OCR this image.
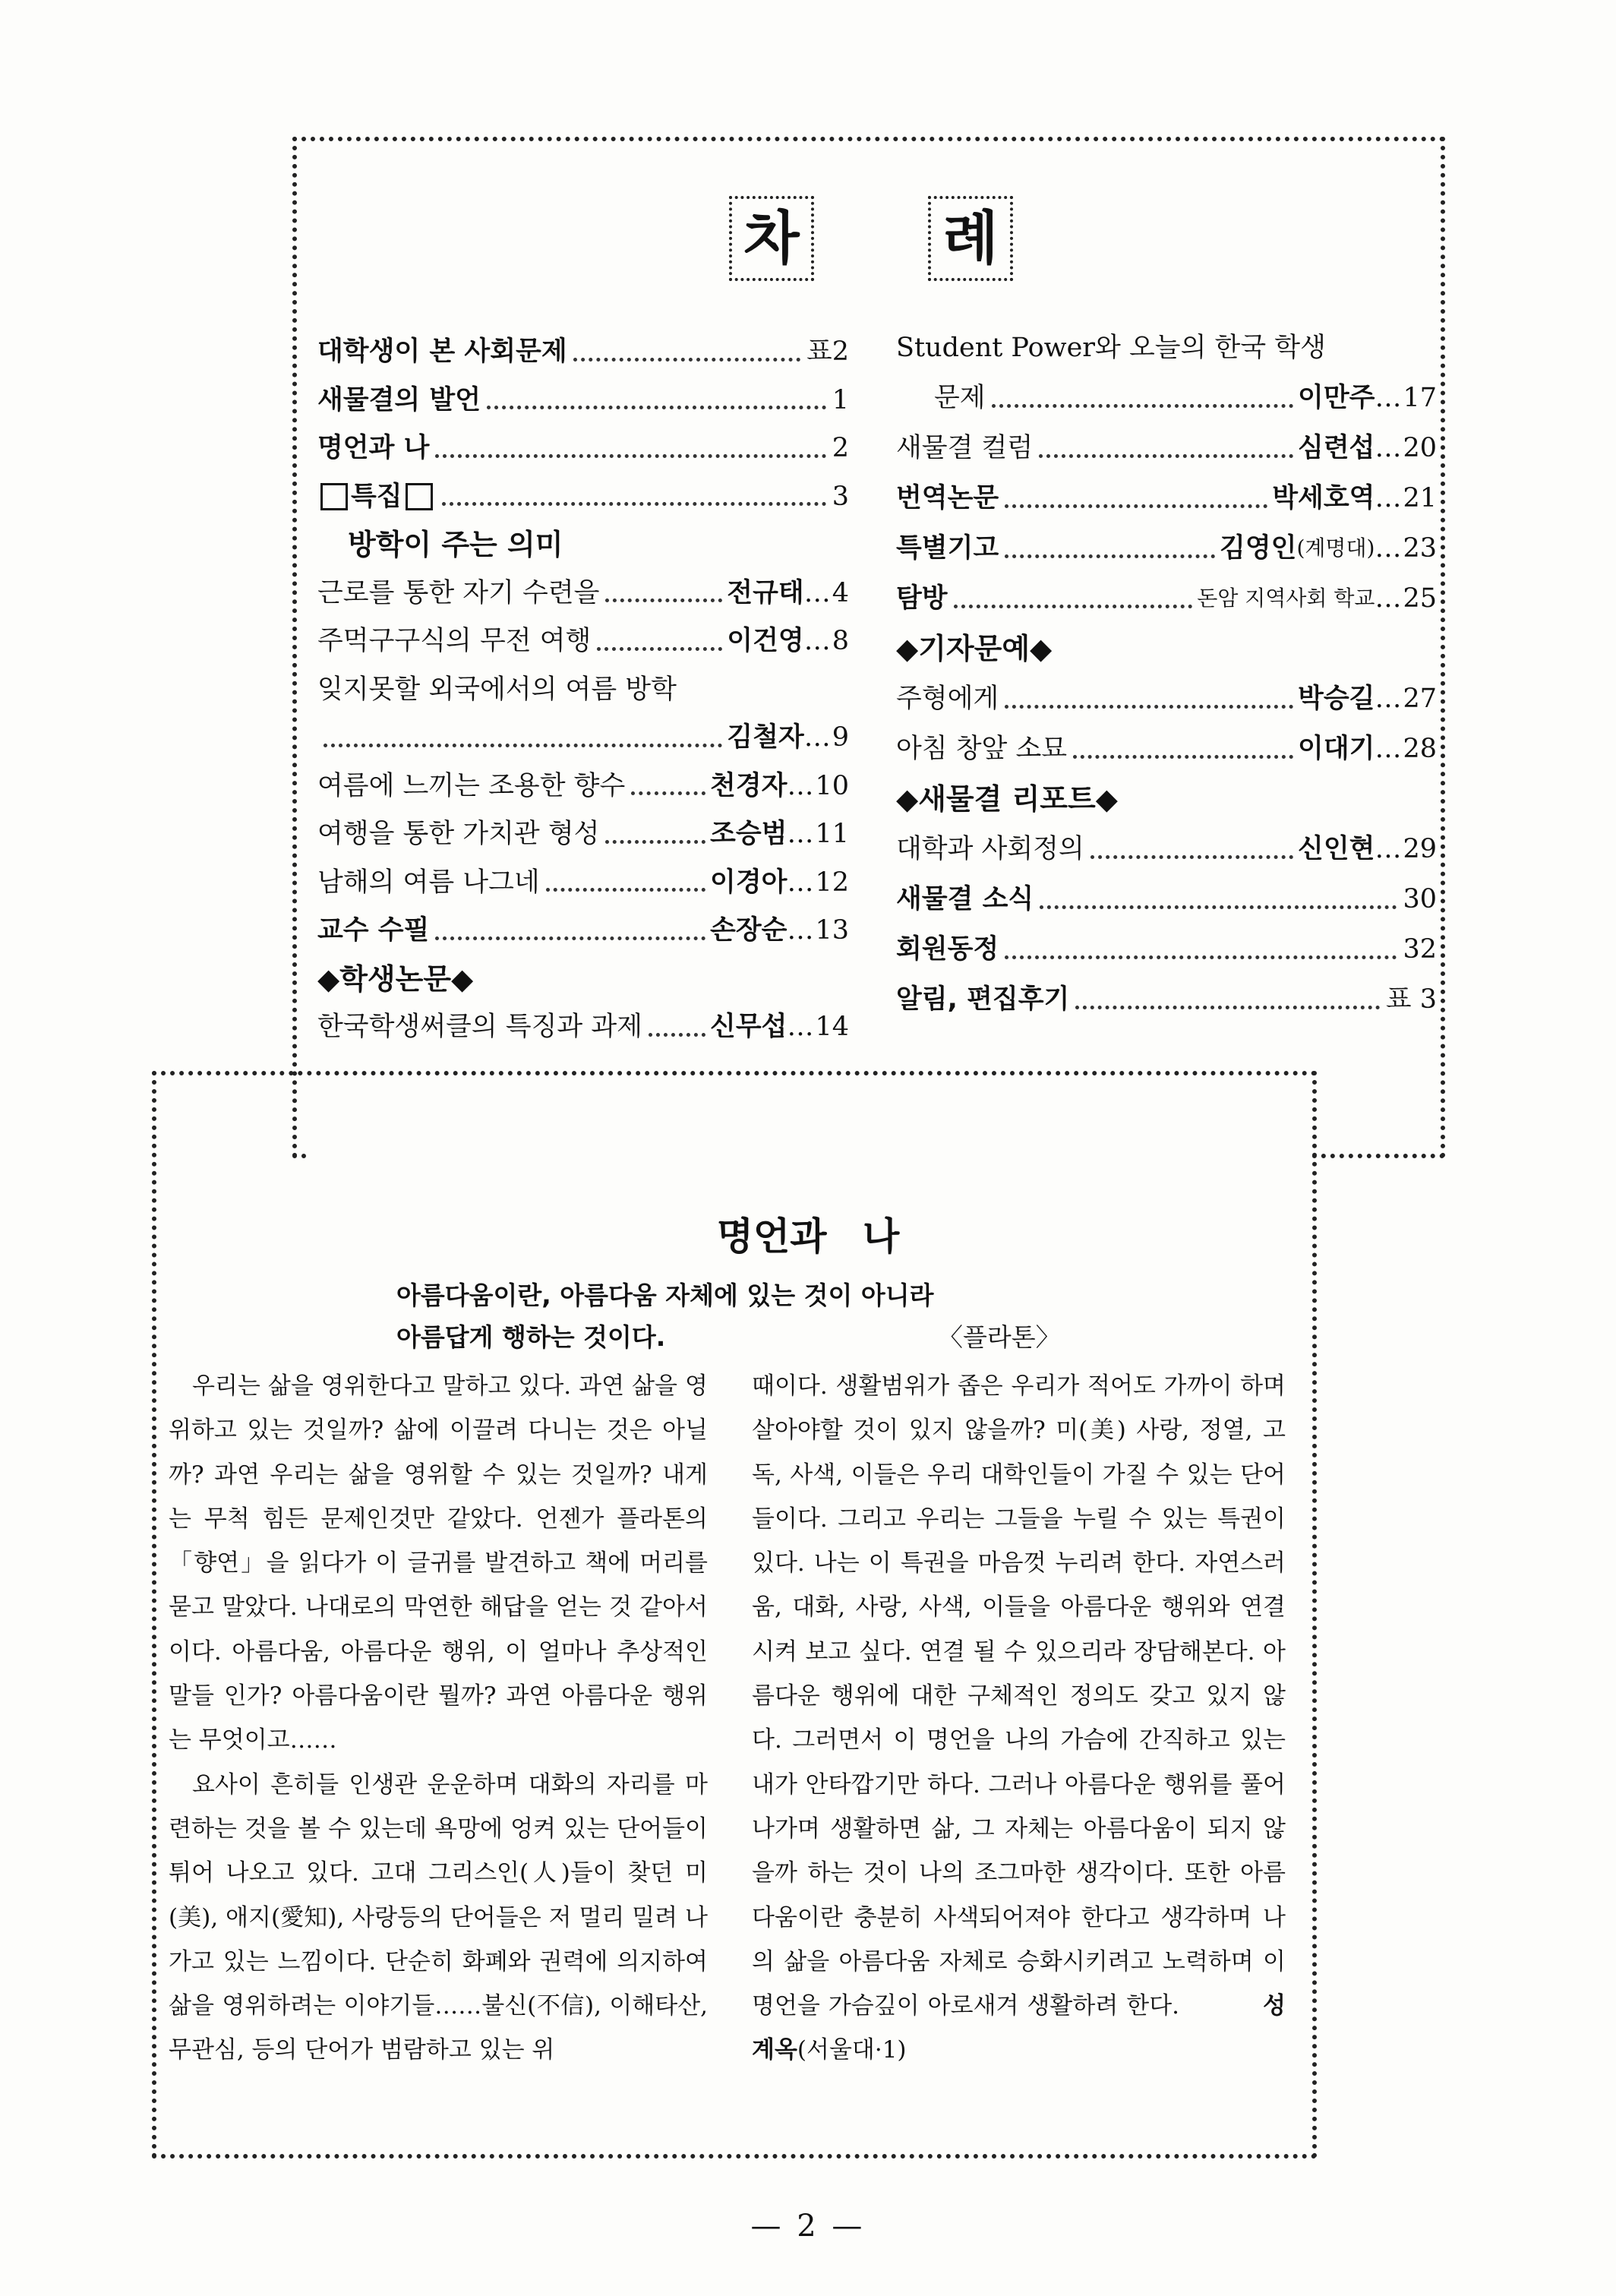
차 례
대학생이 본 사회문제	표2
새물결의 발언	1
명언과 나	2
특집	3
방학이 주는 의미
근로를 통한 자기 수련을	전규태 … 4
주먹구구식의 무전 여행	이건영 … 8
잊지못할 외국에서의 여름 방학
김철자 … 9
여름에 느끼는 조용한 향수	천경자 … 10
여행을 통한 가치관 형성	조승범 … 11
남해의 여름 나그네	이경아 … 12
교수 수필	손장순 … 13
◆학생논문◆
한국학생써클의 특징과 과제	신무섭 … 14
Student Power와 오늘의 한국 학생
문제	이만주 … 17
새물결 컬럼	심련섭 … 20
번역논문	박세호역 … 21
특별기고	김영인 (계명대) … 23
탐방	돈암 지역사회 학교 … 25
◆기자문예◆
주형에게	박승길 … 27
아침 창앞 소묘	이대기 … 28
◆새물결 리포트◆
대학과 사회정의	신인현 … 29
새물결 소식	30
회원동정	32
알림, 편집후기	표 3
명언과 나
아름다움이란, 아름다움 자체에 있는 것이 아니라
아름답게 행하는 것이다.	〈플라톤〉

우리는 삶을 영위한다고 말하고 있다. 과연 삶을 영위하고 있는 것일까? 삶에 이끌려 다니는 것은 아닐까? 과연 우리는 삶을 영위할 수 있는 것일까? 내게는 무척 힘든 문제인것만 같았다. 언젠가 플라톤의 「향연」을 읽다가 이 글귀를 발견하고 책에 머리를 묻고 말았다. 나대로의 막연한 해답을 얻는 것 같아서 이다. 아름다움, 아름다운 행위, 이 얼마나 추상적인 말들 인가? 아름다움이란 뭘까? 과연 아름다운 행위는 무엇이고……

요사이 흔히들 인생관 운운하며 대화의 자리를 마련하는 것을 볼 수 있는데 욕망에 엉켜 있는 단어들이 튀어 나오고 있다. 고대 그리스인(人)들이 찾던 미(美), 애지(愛知), 사랑등의 단어들은 저 멀리 밀려 나가고 있는 느낌이다. 단순히 화폐와 권력에 의지하여 삶을 영위하려는 이야기들……불신(不信), 이해타산, 무관심, 등의 단어가 범람하고 있는 위

때이다. 생활범위가 좁은 우리가 적어도 가까이 하며 살아야할 것이 있지 않을까? 미(美) 사랑, 정열, 고독, 사색, 이들은 우리 대학인들이 가질 수 있는 단어들이다. 그리고 우리는 그들을 누릴 수 있는 특권이 있다. 나는 이 특권을 마음껏 누리려 한다. 자연스러움, 대화, 사랑, 사색, 이들을 아름다운 행위와 연결시켜 보고 싶다. 연결 될 수 있으리라 장담해본다. 아름다운 행위에 대한 구체적인 정의도 갖고 있지 않다. 그러면서 이 명언을 나의 가슴에 간직하고 있는 내가 안타깝기만 하다. 그러나 아름다운 행위를 풀어 나가며 생활하면 삶, 그 자체는 아름다움이 되지 않을까 하는 것이 나의 조그마한 생각이다. 또한 아름다움이란 충분히 사색되어져야 한다고 생각하며 나의 삶을 아름다움 자체로 승화시키려고 노력하며 이 명언을 가슴깊이 아로새겨 생활하려 한다.	성 계옥(서울대·1)

— 2 —
